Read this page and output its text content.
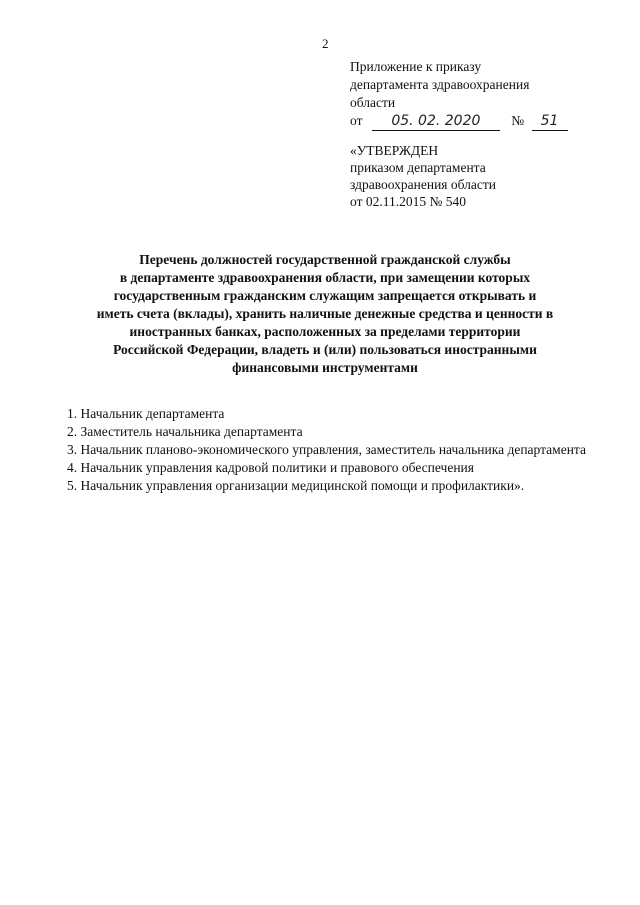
2
Приложение к приказу
департамента здравоохранения
области
от 05. 02. 2020 № 51
«УТВЕРЖДЕН
приказом департамента
здравоохранения области
от 02.11.2015 № 540
Перечень должностей государственной гражданской службы
в департаменте здравоохранения области, при замещении которых
государственным гражданским служащим запрещается открывать и
иметь счета (вклады), хранить наличные денежные средства и ценности в
иностранных банках, расположенных за пределами территории
Российской Федерации, владеть и (или) пользоваться иностранными
финансовыми инструментами
1. Начальник департамента
2. Заместитель начальника департамента
3. Начальник планово-экономического управления, заместитель начальника департамента
4. Начальник управления кадровой политики и правового обеспечения
5. Начальник управления организации медицинской помощи и профилактики».
